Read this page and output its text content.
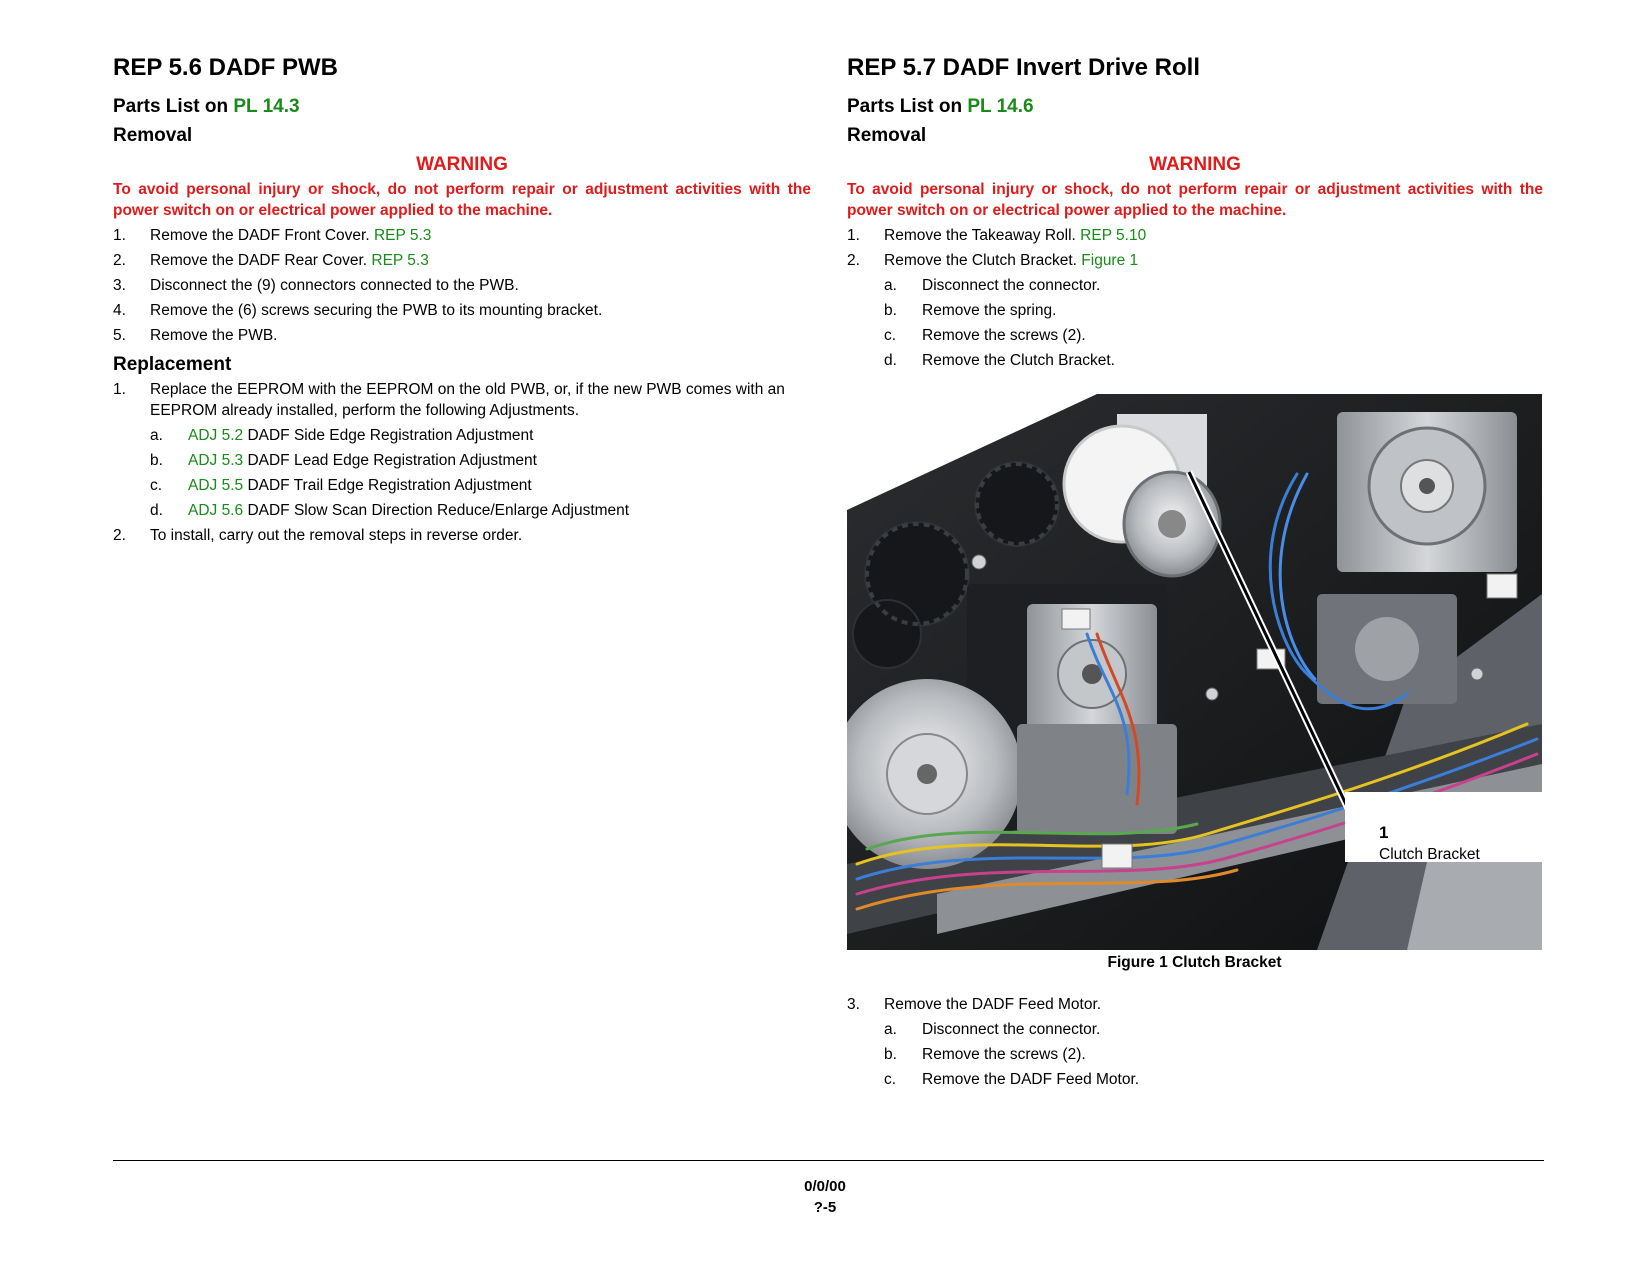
REP 5.6 DADF PWB
Parts List on PL 14.3
Removal

WARNING

To avoid personal injury or shock, do not perform repair or adjustment activities with the power switch on or electrical power applied to the machine.

1. Remove the DADF Front Cover. REP 5.3
2. Remove the DADF Rear Cover. REP 5.3
3. Disconnect the (9) connectors connected to the PWB.
4. Remove the (6) screws securing the PWB to its mounting bracket.
5. Remove the PWB.
Replacement
1. Replace the EEPROM with the EEPROM on the old PWB, or, if the new PWB comes with an EEPROM already installed, perform the following Adjustments.
a. ADJ 5.2 DADF Side Edge Registration Adjustment
b. ADJ 5.3 DADF Lead Edge Registration Adjustment
c. ADJ 5.5 DADF Trail Edge Registration Adjustment
d. ADJ 5.6 DADF Slow Scan Direction Reduce/Enlarge Adjustment
2. To install, carry out the removal steps in reverse order.
REP 5.7 DADF Invert Drive Roll
Parts List on PL 14.6
Removal

WARNING

To avoid personal injury or shock, do not perform repair or adjustment activities with the power switch on or electrical power applied to the machine.

1. Remove the Takeaway Roll. REP 5.10
2. Remove the Clutch Bracket. Figure 1
a. Disconnect the connector.
b. Remove the spring.
c. Remove the screws (2).
d. Remove the Clutch Bracket.
1
Clutch Bracket
Figure 1 Clutch Bracket
3. Remove the DADF Feed Motor.
a. Disconnect the connector.
b. Remove the screws (2).
c. Remove the DADF Feed Motor.
0/0/00
?-5
